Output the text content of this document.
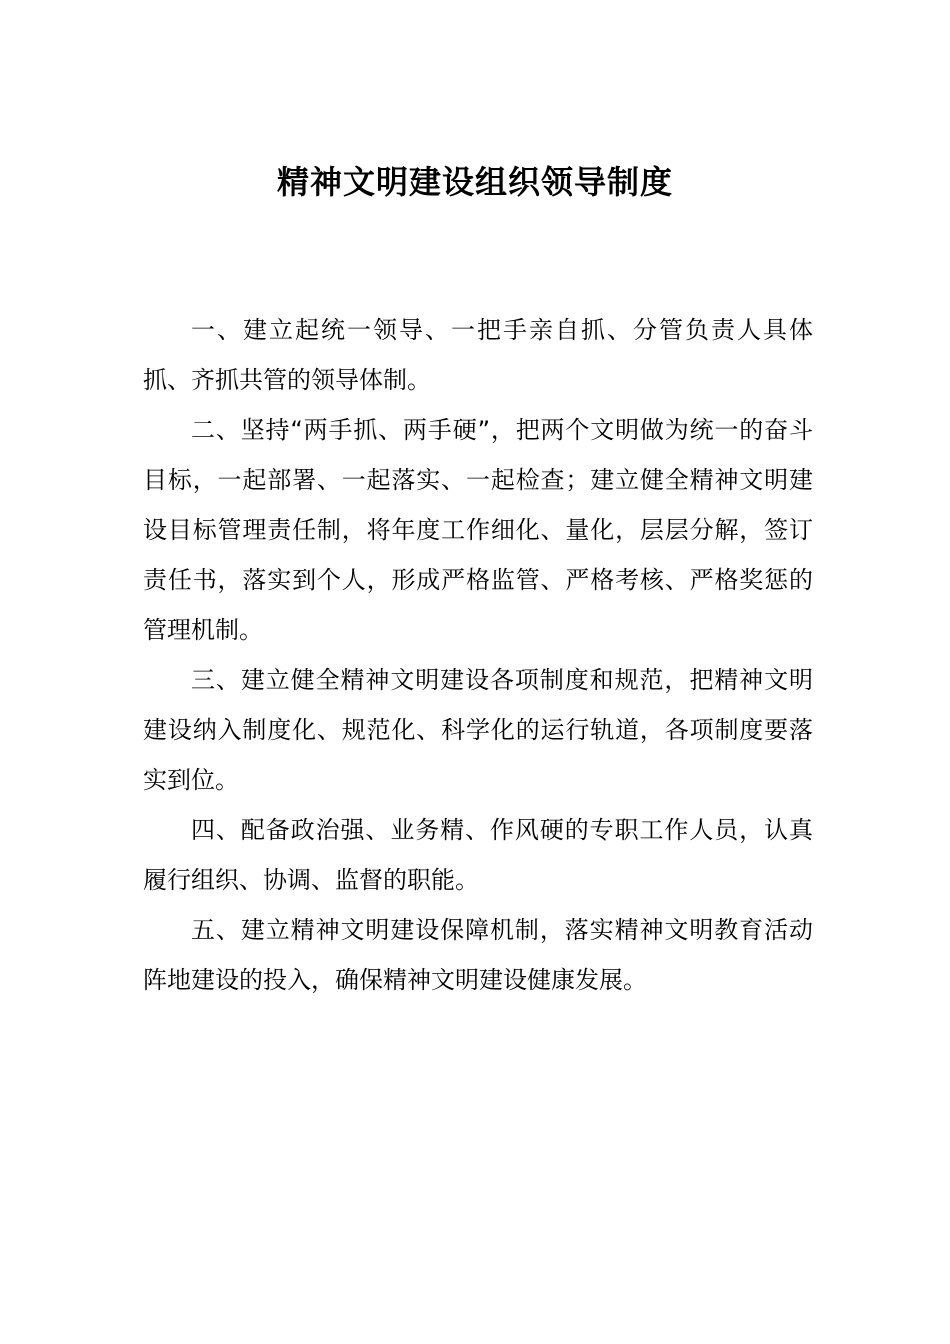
精神文明建设组织领导制度

一、建立起统一领导、一把手亲自抓、分管负责人具体抓、齐抓共管的领导体制。

二、坚持“两手抓、两手硬”，把两个文明做为统一的奋斗目标，一起部署、一起落实、一起检查；建立健全精神文明建设目标管理责任制，将年度工作细化、量化，层层分解，签订责任书，落实到个人，形成严格监管、严格考核、严格奖惩的管理机制。

三、建立健全精神文明建设各项制度和规范，把精神文明建设纳入制度化、规范化、科学化的运行轨道，各项制度要落实到位。

四、配备政治强、业务精、作风硬的专职工作人员，认真履行组织、协调、监督的职能。

五、建立精神文明建设保障机制，落实精神文明教育活动阵地建设的投入，确保精神文明建设健康发展。
